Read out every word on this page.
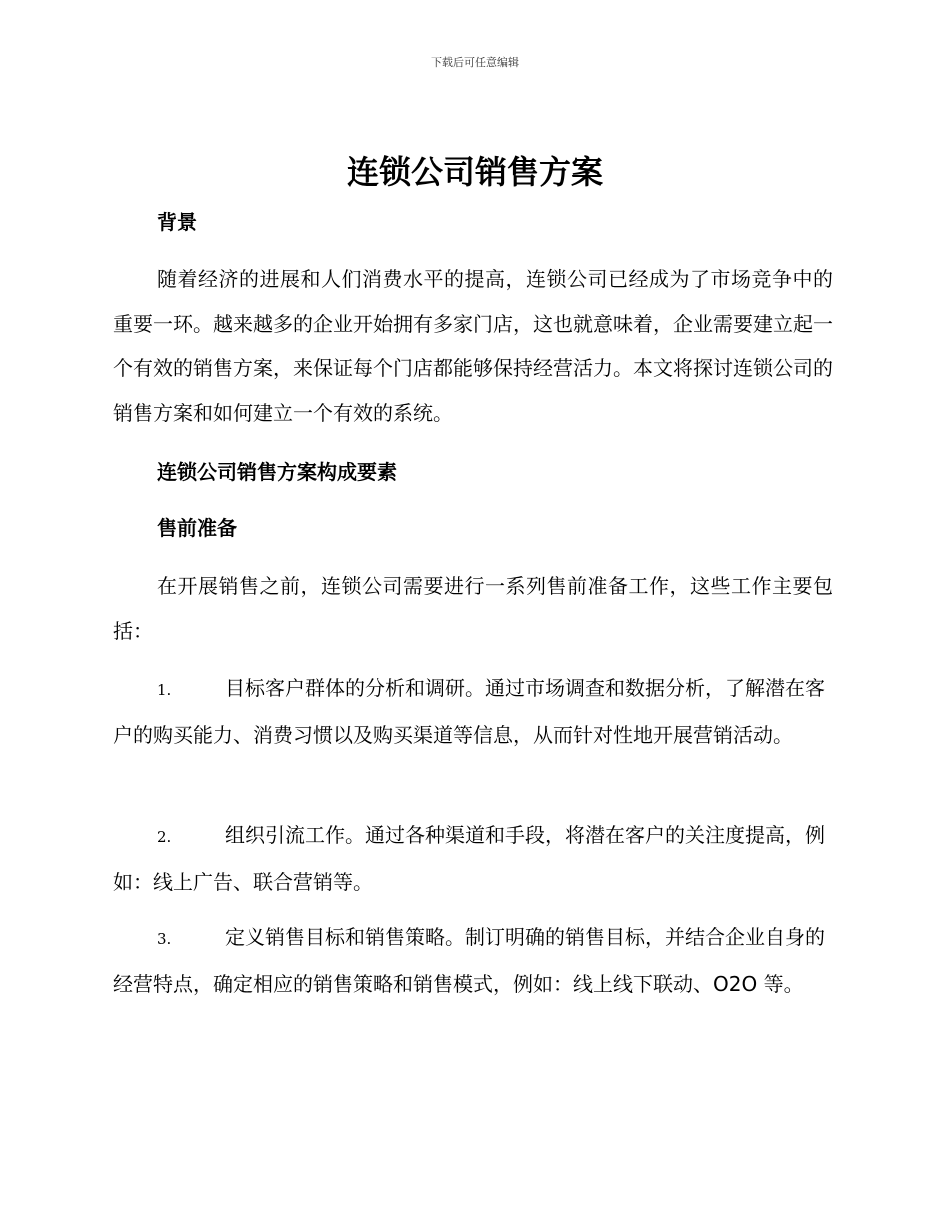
下载后可任意编辑
连锁公司销售方案
背景
随着经济的进展和人们消费水平的提高，连锁公司已经成为了市场竞争中的重要一环。越来越多的企业开始拥有多家门店，这也就意味着，企业需要建立起一个有效的销售方案，来保证每个门店都能够保持经营活力。本文将探讨连锁公司的销售方案和如何建立一个有效的系统。
连锁公司销售方案构成要素
售前准备
在开展销售之前，连锁公司需要进行一系列售前准备工作，这些工作主要包括：
1.	目标客户群体的分析和调研。通过市场调查和数据分析，了解潜在客户的购买能力、消费习惯以及购买渠道等信息，从而针对性地开展营销活动。
2.	组织引流工作。通过各种渠道和手段，将潜在客户的关注度提高，例如：线上广告、联合营销等。
3.	定义销售目标和销售策略。制订明确的销售目标，并结合企业自身的经营特点，确定相应的销售策略和销售模式，例如：线上线下联动、O2O 等。
